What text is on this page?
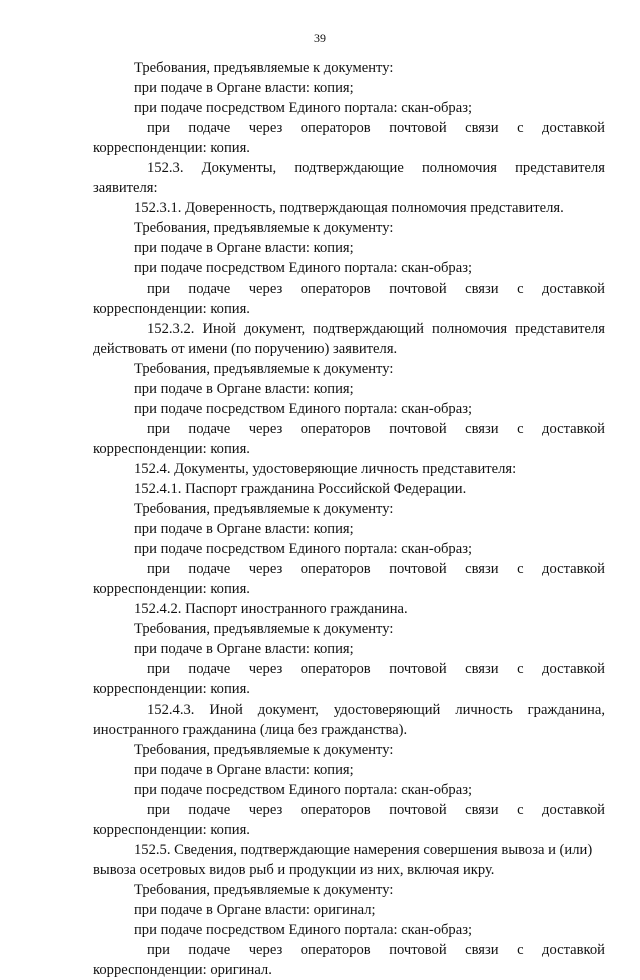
39
Требования, предъявляемые к документу:
при подаче в Органе власти: копия;
при подаче посредством Единого портала: скан-образ;
при подаче через операторов почтовой связи с доставкой
корреспонденции: копия.
152.3. Документы, подтверждающие полномочия представителя
заявителя:
152.3.1. Доверенность, подтверждающая полномочия представителя.
Требования, предъявляемые к документу:
при подаче в Органе власти: копия;
при подаче посредством Единого портала: скан-образ;
при подаче через операторов почтовой связи с доставкой
корреспонденции: копия.
152.3.2. Иной документ, подтверждающий полномочия представителя
действовать от имени (по поручению) заявителя.
Требования, предъявляемые к документу:
при подаче в Органе власти: копия;
при подаче посредством Единого портала: скан-образ;
при подаче через операторов почтовой связи с доставкой
корреспонденции: копия.
152.4. Документы, удостоверяющие личность представителя:
152.4.1. Паспорт гражданина Российской Федерации.
Требования, предъявляемые к документу:
при подаче в Органе власти: копия;
при подаче посредством Единого портала: скан-образ;
при подаче через операторов почтовой связи с доставкой
корреспонденции: копия.
152.4.2. Паспорт иностранного гражданина.
Требования, предъявляемые к документу:
при подаче в Органе власти: копия;
при подаче через операторов почтовой связи с доставкой
корреспонденции: копия.
152.4.3. Иной документ, удостоверяющий личность гражданина,
иностранного гражданина (лица без гражданства).
Требования, предъявляемые к документу:
при подаче в Органе власти: копия;
при подаче посредством Единого портала: скан-образ;
при подаче через операторов почтовой связи с доставкой
корреспонденции: копия.
152.5. Сведения, подтверждающие намерения совершения вывоза и (или)
вывоза осетровых видов рыб и продукции из них, включая икру.
Требования, предъявляемые к документу:
при подаче в Органе власти: оригинал;
при подаче посредством Единого портала: скан-образ;
при подаче через операторов почтовой связи с доставкой
корреспонденции: оригинал.
